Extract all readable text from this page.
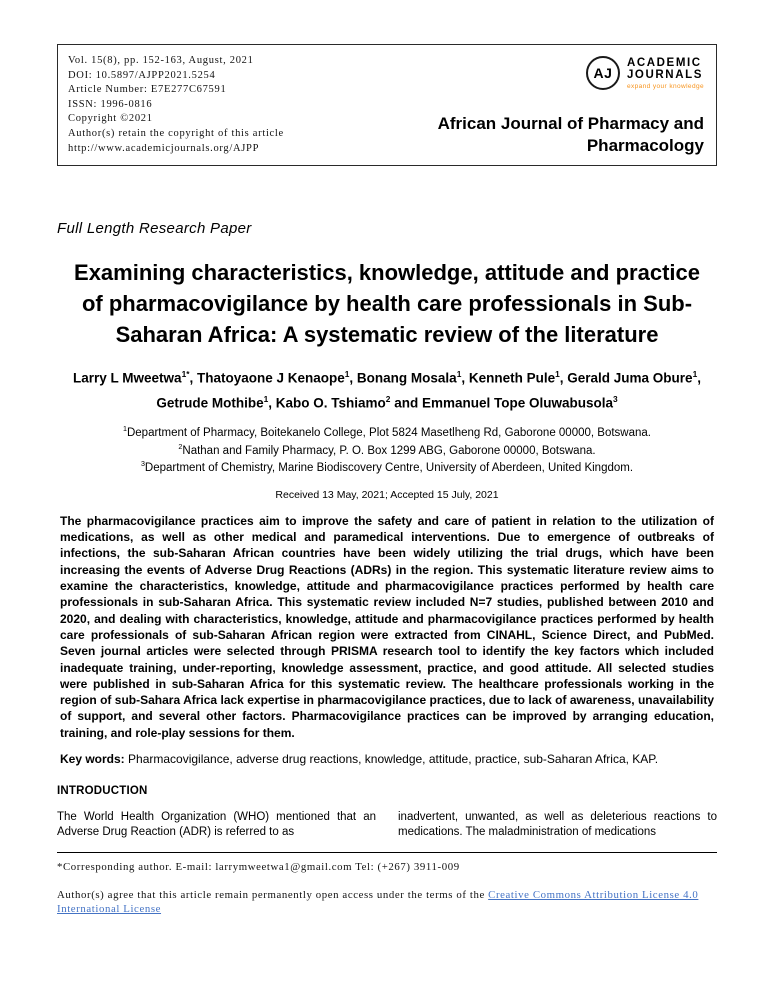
Vol. 15(8), pp. 152-163, August, 2021
DOI: 10.5897/AJPP2021.5254
Article Number: E7E277C67591
ISSN: 1996-0816
Copyright ©2021
Author(s) retain the copyright of this article
http://www.academicjournals.org/AJPP
AJ
ACADEMIC
JOURNALS
expand your knowledge
African Journal of Pharmacy and Pharmacology
Full Length Research Paper
Examining characteristics, knowledge, attitude and practice of pharmacovigilance by health care professionals in Sub-Saharan Africa: A systematic review of the literature
Larry L Mweetwa$^{1*}$, Thatoyaone J Kenaope$^1$, Bonang Mosala$^1$, Kenneth Pule$^1$, Gerald Juma Obure$^1$, Getrude Mothibe$^1$, Kabo O. Tshiamo$^2$ and Emmanuel Tope Oluwabusola$^3$
$^1$Department of Pharmacy, Boitekanelo College, Plot 5824 Masetlheng Rd, Gaborone 00000, Botswana.
$^2$Nathan and Family Pharmacy, P. O. Box 1299 ABG, Gaborone 00000, Botswana.
$^3$Department of Chemistry, Marine Biodiscovery Centre, University of Aberdeen, United Kingdom.
Received 13 May, 2021; Accepted 15 July, 2021

The pharmacovigilance practices aim to improve the safety and care of patient in relation to the utilization of medications, as well as other medical and paramedical interventions. Due to emergence of outbreaks of infections, the sub-Saharan African countries have been widely utilizing the trial drugs, which have been increasing the events of Adverse Drug Reactions (ADRs) in the region. This systematic literature review aims to examine the characteristics, knowledge, attitude and pharmacovigilance practices performed by health care professionals in sub-Saharan Africa. This systematic review included N=7 studies, published between 2010 and 2020, and dealing with characteristics, knowledge, attitude and pharmacovigilance practices performed by health care professionals of sub-Saharan African region were extracted from CINAHL, Science Direct, and PubMed. Seven journal articles were selected through PRISMA research tool to identify the key factors which included inadequate training, under-reporting, knowledge assessment, practice, and good attitude. All selected studies were published in sub-Saharan Africa for this systematic review. The healthcare professionals working in the region of sub-Sahara Africa lack expertise in pharmacovigilance practices, due to lack of awareness, unavailability of support, and several other factors. Pharmacovigilance practices can be improved by arranging education, training, and role-play sessions for them.

Key words: Pharmacovigilance, adverse drug reactions, knowledge, attitude, practice, sub-Saharan Africa, KAP.

INTRODUCTION
The World Health Organization (WHO) mentioned that an Adverse Drug Reaction (ADR) is referred to as
inadvertent, unwanted, as well as deleterious reactions to medications. The maladministration of medications
*Corresponding author. E-mail: larrymweetwa1@gmail.com Tel: (+267) 3911-009
Author(s) agree that this article remain permanently open access under the terms of the Creative Commons Attribution License 4.0 International License
